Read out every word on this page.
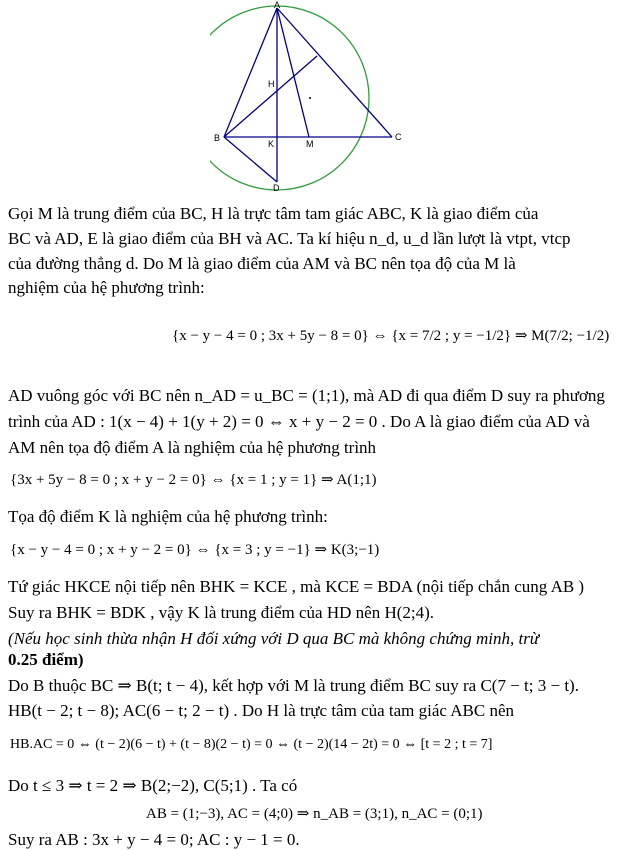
A
B	C
D
H
K	M
Gọi M là trung điểm của BC, H là trực tâm tam giác ABC, K là giao điểm của
BC và AD, E là giao điểm của BH và AC. Ta kí hiệu n_d, u_d lần lượt là vtpt, vtcp
của đường thẳng d. Do M là giao điểm của AM và BC nên tọa độ của M là
nghiệm của hệ phương trình:
{x − y − 4 = 0 ; 3x + 5y − 8 = 0} ⇔ {x = 7/2 ; y = −1/2} ⇒ M(7/2; −1/2)
AD vuông góc với BC nên n_AD = u_BC = (1;1), mà AD đi qua điểm D suy ra phương
trình của AD : 1(x − 4) + 1(y + 2) = 0 ⇔ x + y − 2 = 0 . Do A là giao điểm của AD và
AM nên tọa độ điểm A là nghiệm của hệ phương trình
{3x + 5y − 8 = 0 ; x + y − 2 = 0} ⇔ {x = 1 ; y = 1} ⇒ A(1;1)
Tọa độ điểm K là nghiệm của hệ phương trình:
{x − y − 4 = 0 ; x + y − 2 = 0} ⇔ {x = 3 ; y = −1} ⇒ K(3;−1)
Tứ giác HKCE nội tiếp nên BHK = KCE , mà KCE = BDA (nội tiếp chắn cung AB )
Suy ra BHK = BDK , vậy K là trung điểm của HD nên H(2;4).
(Nếu học sinh thừa nhận H đối xứng với D qua BC mà không chứng minh, trừ
0.25 điểm)
Do B thuộc BC ⇒ B(t; t − 4), kết hợp với M là trung điểm BC suy ra C(7 − t; 3 − t).
HB(t − 2; t − 8); AC(6 − t; 2 − t) . Do H là trực tâm của tam giác ABC nên
HB.AC = 0 ⇔ (t − 2)(6 − t) + (t − 8)(2 − t) = 0 ⇔ (t − 2)(14 − 2t) = 0 ⇔ [t = 2 ; t = 7]
Do t ≤ 3 ⇒ t = 2 ⇒ B(2;−2), C(5;1) . Ta có
AB = (1;−3), AC = (4;0) ⇒ n_AB = (3;1), n_AC = (0;1)
Suy ra AB : 3x + y − 4 = 0; AC : y − 1 = 0.
